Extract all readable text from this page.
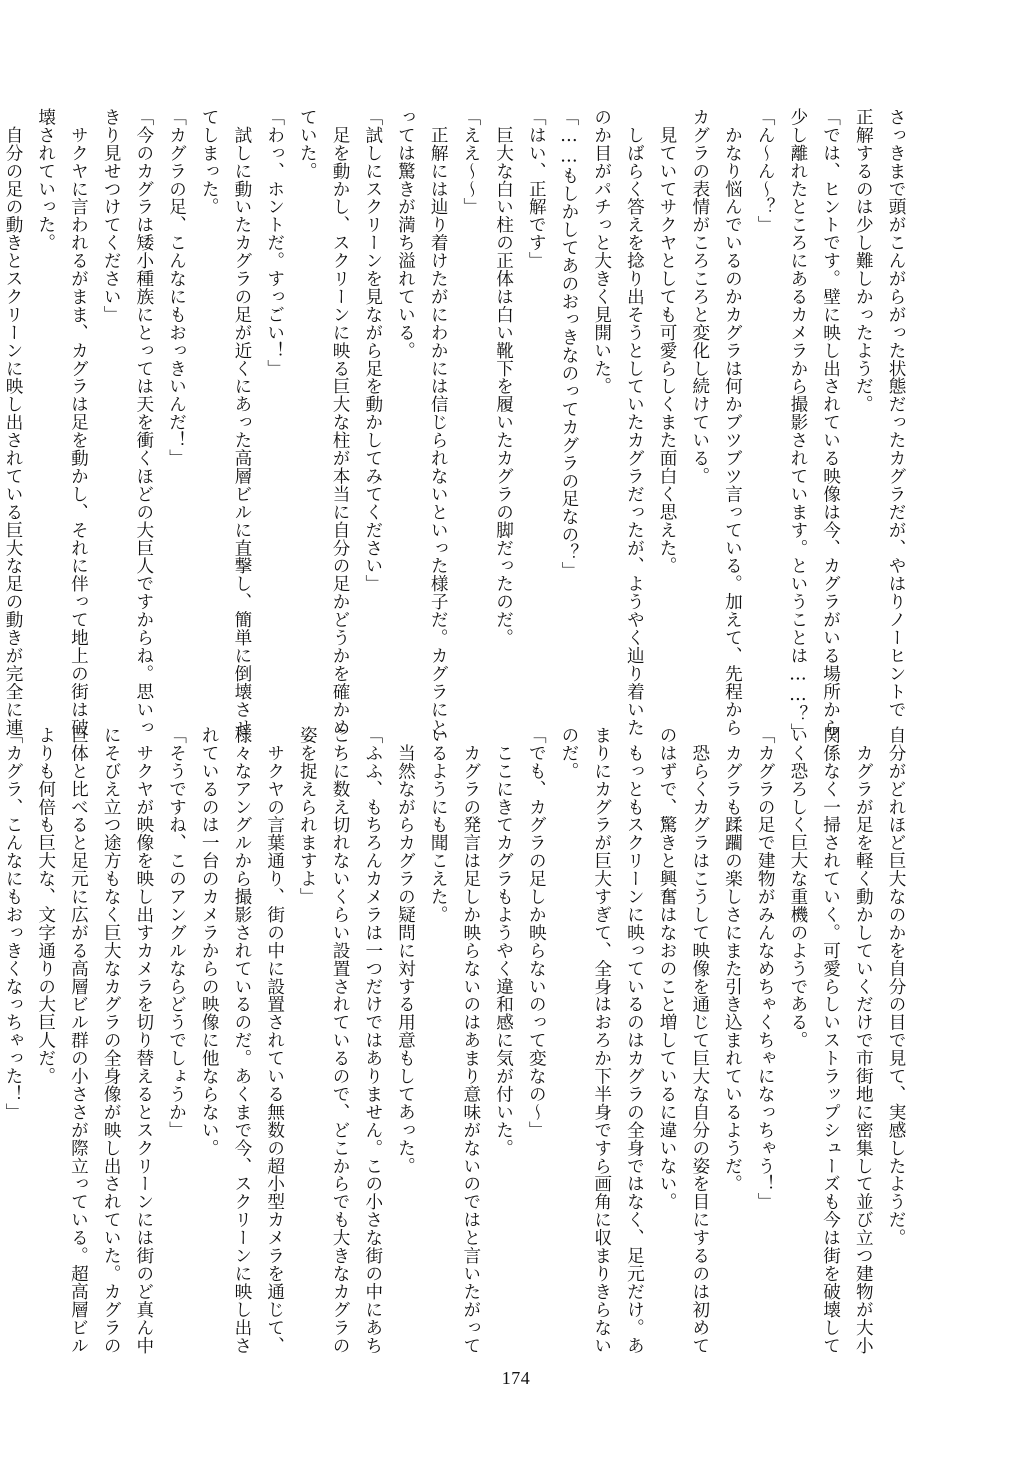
さっきまで頭がこんがらがった状態だったカグラだが、やはりノーヒントで
正解するのは少し難しかったようだ。
「では、ヒントです。壁に映し出されている映像は今、カグラがいる場所から
少し離れたところにあるカメラから撮影されています。ということは……？」
「ん〜ん〜？」
　かなり悩んでいるのかカグラは何かブツブツ言っている。加えて、先程から
カグラの表情がころころと変化し続けている。
　見ていてサクヤとしても可愛らしくまた面白く思えた。
　しばらく答えを捻り出そうとしていたカグラだったが、ようやく辿り着いた
のか目がパチっと大きく見開いた。
「……もしかしてあのおっきなのってカグラの足なの？」
「はい、正解です」
　巨大な白い柱の正体は白い靴下を履いたカグラの脚だったのだ。
「ええ〜〜」
　正解には辿り着けたがにわかには信じられないといった様子だ。カグラにと
っては驚きが満ち溢れている。
「試しにスクリーンを見ながら足を動かしてみてください」
　足を動かし、スクリーンに映る巨大な柱が本当に自分の足かどうかを確かめ
ていた。
「わっ、ホントだ。すっごい！」
　試しに動いたカグラの足が近くにあった高層ビルに直撃し、簡単に倒壊させ
てしまった。
「カグラの足、こんなにもおっきいんだ！」
「今のカグラは矮小種族にとっては天を衝くほどの大巨人ですからね。思いっ
きり見せつけてください」
　サクヤに言われるがまま、カグラは足を動かし、それに伴って地上の街は破
壊されていった。
　自分の足の動きとスクリーンに映し出されている巨大な足の動きが完全に連
自分がどれほど巨大なのかを自分の目で見て、実感したようだ。
　カグラが足を軽く動かしていくだけで市街地に密集して並び立つ建物が大小
関係なく一掃されていく。可愛らしいストラップシューズも今は街を破壊して
いく恐ろしく巨大な重機のようである。
「カグラの足で建物がみんなめちゃくちゃになっちゃう！」
　カグラも蹂躙の楽しさにまた引き込まれているようだ。
　恐らくカグラはこうして映像を通じて巨大な自分の姿を目にするのは初めて
のはずで、驚きと興奮はなおのこと増しているに違いない。
　もっともスクリーンに映っているのはカグラの全身ではなく、足元だけ。あ
まりにカグラが巨大すぎて、全身はおろか下半身ですら画角に収まりきらない
のだ。
「でも、カグラの足しか映らないのって変なの〜」
　ここにきてカグラもようやく違和感に気が付いた。
　カグラの発言は足しか映らないのはあまり意味がないのではと言いたがって
いるようにも聞こえた。
　当然ながらカグラの疑問に対する用意もしてあった。
「ふふ、もちろんカメラは一つだけではありません。この小さな街の中にあち
こちに数え切れないくらい設置されているので、どこからでも大きなカグラの
姿を捉えられますよ」
　サクヤの言葉通り、街の中に設置されている無数の超小型カメラを通じて、
様々なアングルから撮影されているのだ。あくまで今、スクリーンに映し出さ
れているのは一台のカメラからの映像に他ならない。
「そうですね、このアングルならどうでしょうか」
　サクヤが映像を映し出すカメラを切り替えるとスクリーンには街のど真ん中
にそびえ立つ途方もなく巨大なカグラの全身像が映し出されていた。カグラの
巨体と比べると足元に広がる高層ビル群の小ささが際立っている。超高層ビル
よりも何倍も巨大な、文字通りの大巨人だ。
「カグラ、こんなにもおっきくなっちゃった！」
174
